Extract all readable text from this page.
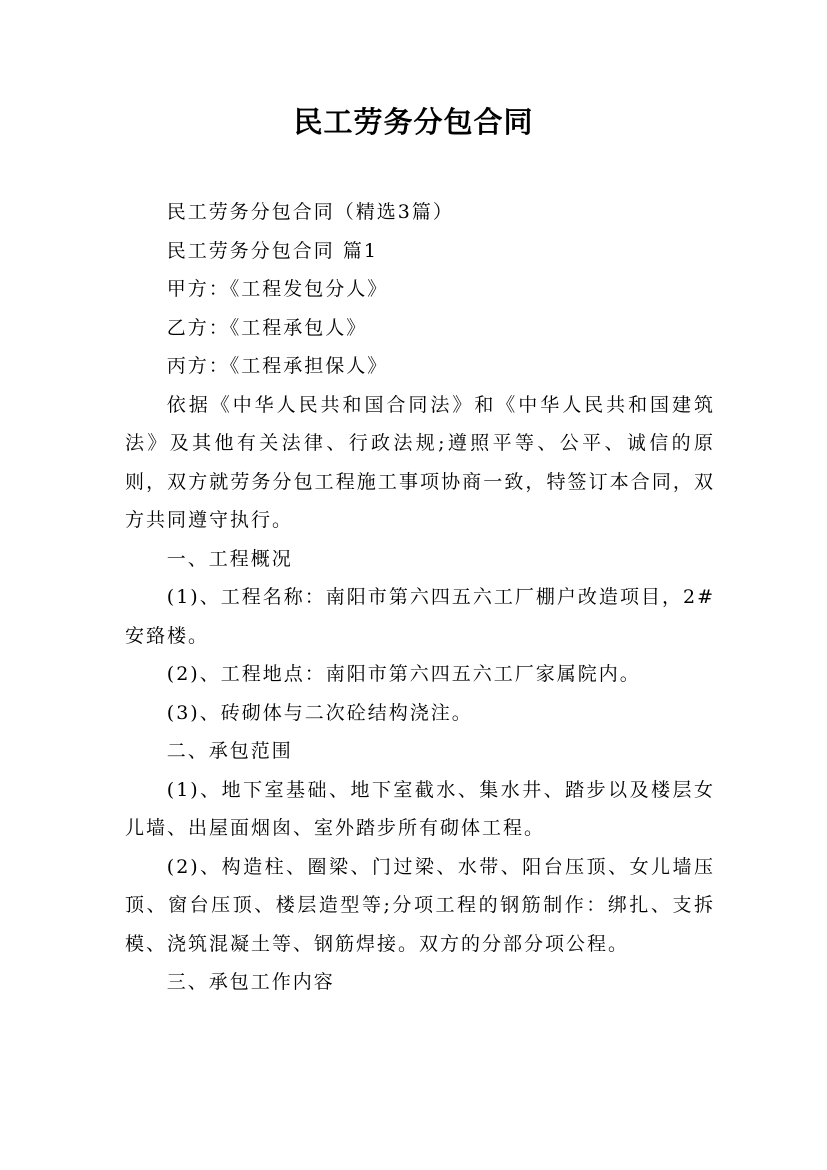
民工劳务分包合同

民工劳务分包合同（精选3篇）

民工劳务分包合同 篇1

甲方：《工程发包分人》

乙方：《工程承包人》

丙方：《工程承担保人》

依据《中华人民共和国合同法》和《中华人民共和国建筑法》及其他有关法律、行政法规;遵照平等、公平、诚信的原则，双方就劳务分包工程施工事项协商一致，特签订本合同，双方共同遵守执行。

一、工程概况

(1)、工程名称：南阳市第六四五六工厂棚户改造项目，2#安臵楼。

(2)、工程地点：南阳市第六四五六工厂家属院内。

(3)、砖砌体与二次砼结构浇注。

二、承包范围

(1)、地下室基础、地下室截水、集水井、踏步以及楼层女儿墙、出屋面烟囱、室外踏步所有砌体工程。

(2)、构造柱、圈梁、门过梁、水带、阳台压顶、女儿墙压顶、窗台压顶、楼层造型等;分项工程的钢筋制作：绑扎、支拆模、浇筑混凝土等、钢筋焊接。双方的分部分项公程。

三、承包工作内容
